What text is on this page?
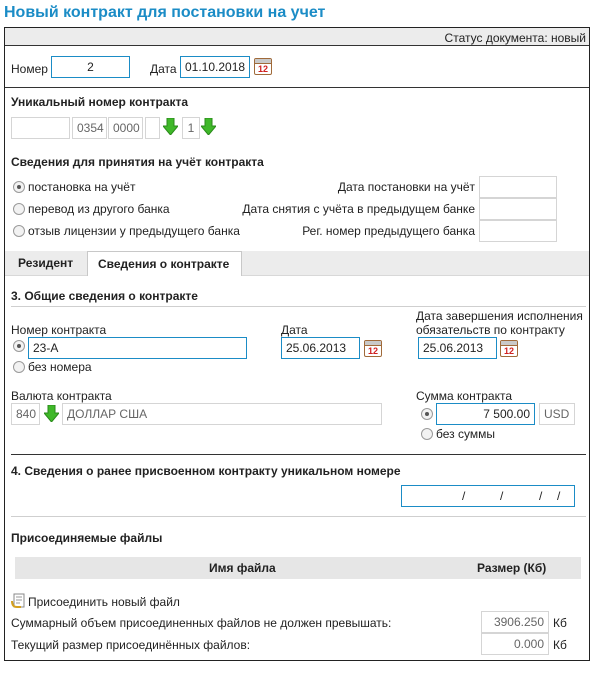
Новый контракт для постановки на учет
Статус документа: новый
Номер	2	Дата 01.10.2018	12
Уникальный номер контракта
0354 0000	1
Сведения для принятия на учёт контракта
постановка на учёт
перевод из другого банка
отзыв лицензии у предыдущего банка
Дата постановки на учёт
Дата снятия с учёта в предыдущем банке
Рег. номер предыдущего банка
Резидент	Сведения о контракте
3. Общие сведения о контракте
Номер контракта
23-А
без номера
Дата
25.06.2013	12
Дата завершения исполнения
обязательств по контракту
25.06.2013	12
Валюта контракта
840	ДОЛЛАР США
Сумма контракта
7 500.00	USD
без суммы
4. Сведения о ранее присвоенном контракту уникальном номере
/	/	/ /
Присоединяемые файлы
Имя файла	Размер (Кб)
Присоединить новый файл
Суммарный объем присоединенных файлов не должен превышать:	3906.250 Кб
Текущий размер присоединённых файлов:	0.000 Кб
